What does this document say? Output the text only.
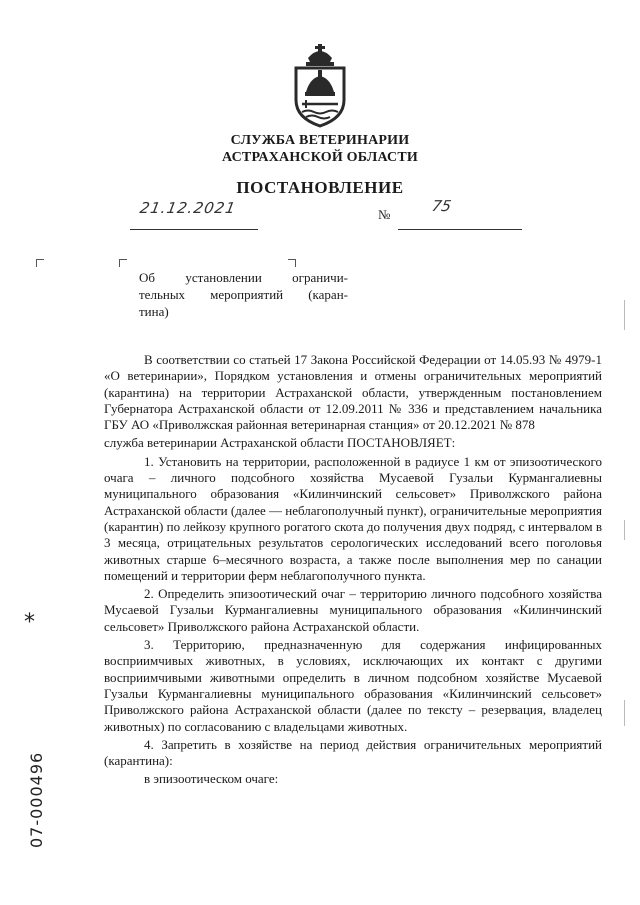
СЛУЖБА ВЕТЕРИНАРИИ
АСТРАХАНСКОЙ ОБЛАСТИ
ПОСТАНОВЛЕНИЕ
21.12.2021	№	75
Об установлении ограничи-
тельных мероприятий (каран-
тина)

В соответствии со статьей 17 Закона Российской Федерации от 14.05.93 № 4979-1 «О ветеринарии», Порядком установления и отмены ограничительных мероприятий (карантина) на территории Астраханской области, утвержденным постановлением Губернатора Астраханской области от 12.09.2011 № 336 и представлением начальника ГБУ АО «Приволжская районная ветеринарная станция» от 20.12.2021 № 878

служба ветеринарии Астраханской области ПОСТАНОВЛЯЕТ:

1. Установить на территории, расположенной в радиусе 1 км от эпизоотического очага – личного подсобного хозяйства Мусаевой Гузальи Курмангалиевны муниципального образования «Килинчинский сельсовет» Приволжского района Астраханской области (далее — неблагополучный пункт), ограничительные мероприятия (карантин) по лейкозу крупного рогатого скота до получения двух подряд, с интервалом в 3 месяца, отрицательных результатов серологических исследований всего поголовья животных старше 6–месячного возраста, а также после выполнения мер по санации помещений и территории ферм неблагополучного пункта.

2. Определить эпизоотический очаг – территорию личного подсобного хозяйства Мусаевой Гузальи Курмангалиевны муниципального образования «Килинчинский сельсовет» Приволжского района Астраханской области.

3. Территорию, предназначенную для содержания инфицированных восприимчивых животных, в условиях, исключающих их контакт с другими восприимчивыми животными определить в личном подсобном хозяйстве Мусаевой Гузальи Курмангалиевны муниципального образования «Килинчинский сельсовет» Приволжского района Астраханской области (далее по тексту – резервация, владелец животных) по согласованию с владельцами животных.

4. Запретить в хозяйстве на период действия ограничительных мероприятий (карантина):

в эпизоотическом очаге:

*
07-000496
